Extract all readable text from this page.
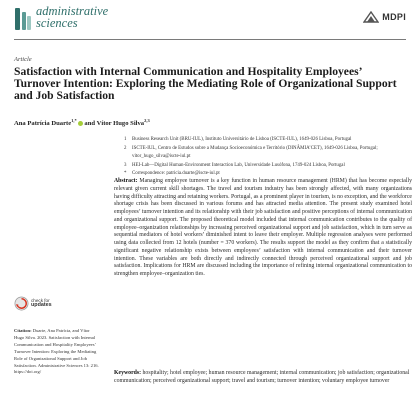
administrative
sciences	MDPI
Article
Satisfaction with Internal Communication and Hospitality Employees’ Turnover Intention: Exploring the Mediating Role of Organizational Support and Job Satisfaction
Ana Patrícia Duarte$^{1,*}$ and Vítor Hugo Silva$^{2,3}$
1	Business Research Unit (BRU-IUL), Instituto Universitário de Lisboa (ISCTE-IUL), 1649-026 Lisboa, Portugal
2	ISCTE-IUL, Centro de Estudos sobre a Mudança Socioeconómica e Território (DINÂMIA’CET), 1649-026 Lisboa, Portugal; vitor_hugo_silva@iscte-iul.pt
3	HEI-Lab—Digital Human-Environment Interaction Lab, Universidade Lusófona, 1749-024 Lisboa, Portugal
*	Correspondence: patricia.duarte@iscte-iul.pt
Abstract: Managing employee turnover is a key function in human resource management (HRM) that has become especially relevant given current skill shortages. The travel and tourism industry has been strongly affected, with many organizations having difficulty attracting and retaining workers. Portugal, as a prominent player in tourism, is no exception, and the workforce shortage crisis has been discussed in various forums and has attracted media attention. The present study examined hotel employees’ turnover intention and its relationship with their job satisfaction and positive perceptions of internal communication and organizational support. The proposed theoretical model included that internal communication contributes to the quality of employee–organization relationships by increasing perceived organizational support and job satisfaction, which in turn serve as sequential mediators of hotel workers’ diminished intent to leave their employer. Multiple regression analyses were performed using data collected from 12 hotels (number = 370 workers). The results support the model as they confirm that a statistically significant negative relationship exists between employees’ satisfaction with internal communication and their turnover intention. These variables are both directly and indirectly connected through perceived organizational support and job satisfaction. Implications for HRM are discussed including the importance of refining internal organizational communication to strengthen employee–organization ties.
Keywords: hospitality; hotel employee; human resource management; internal communication; job satisfaction; organizational communication; perceived organizational support; travel and tourism; turnover intention; voluntary employee turnover
check for
updates
Citation: Duarte, Ana Patrícia, and Vítor Hugo Silva. 2023. Satisfaction with Internal Communication and Hospitality Employees’ Turnover Intention: Exploring the Mediating Role of Organizational Support and Job Satisfaction. Administrative Sciences 13: 216. https://doi.org/
